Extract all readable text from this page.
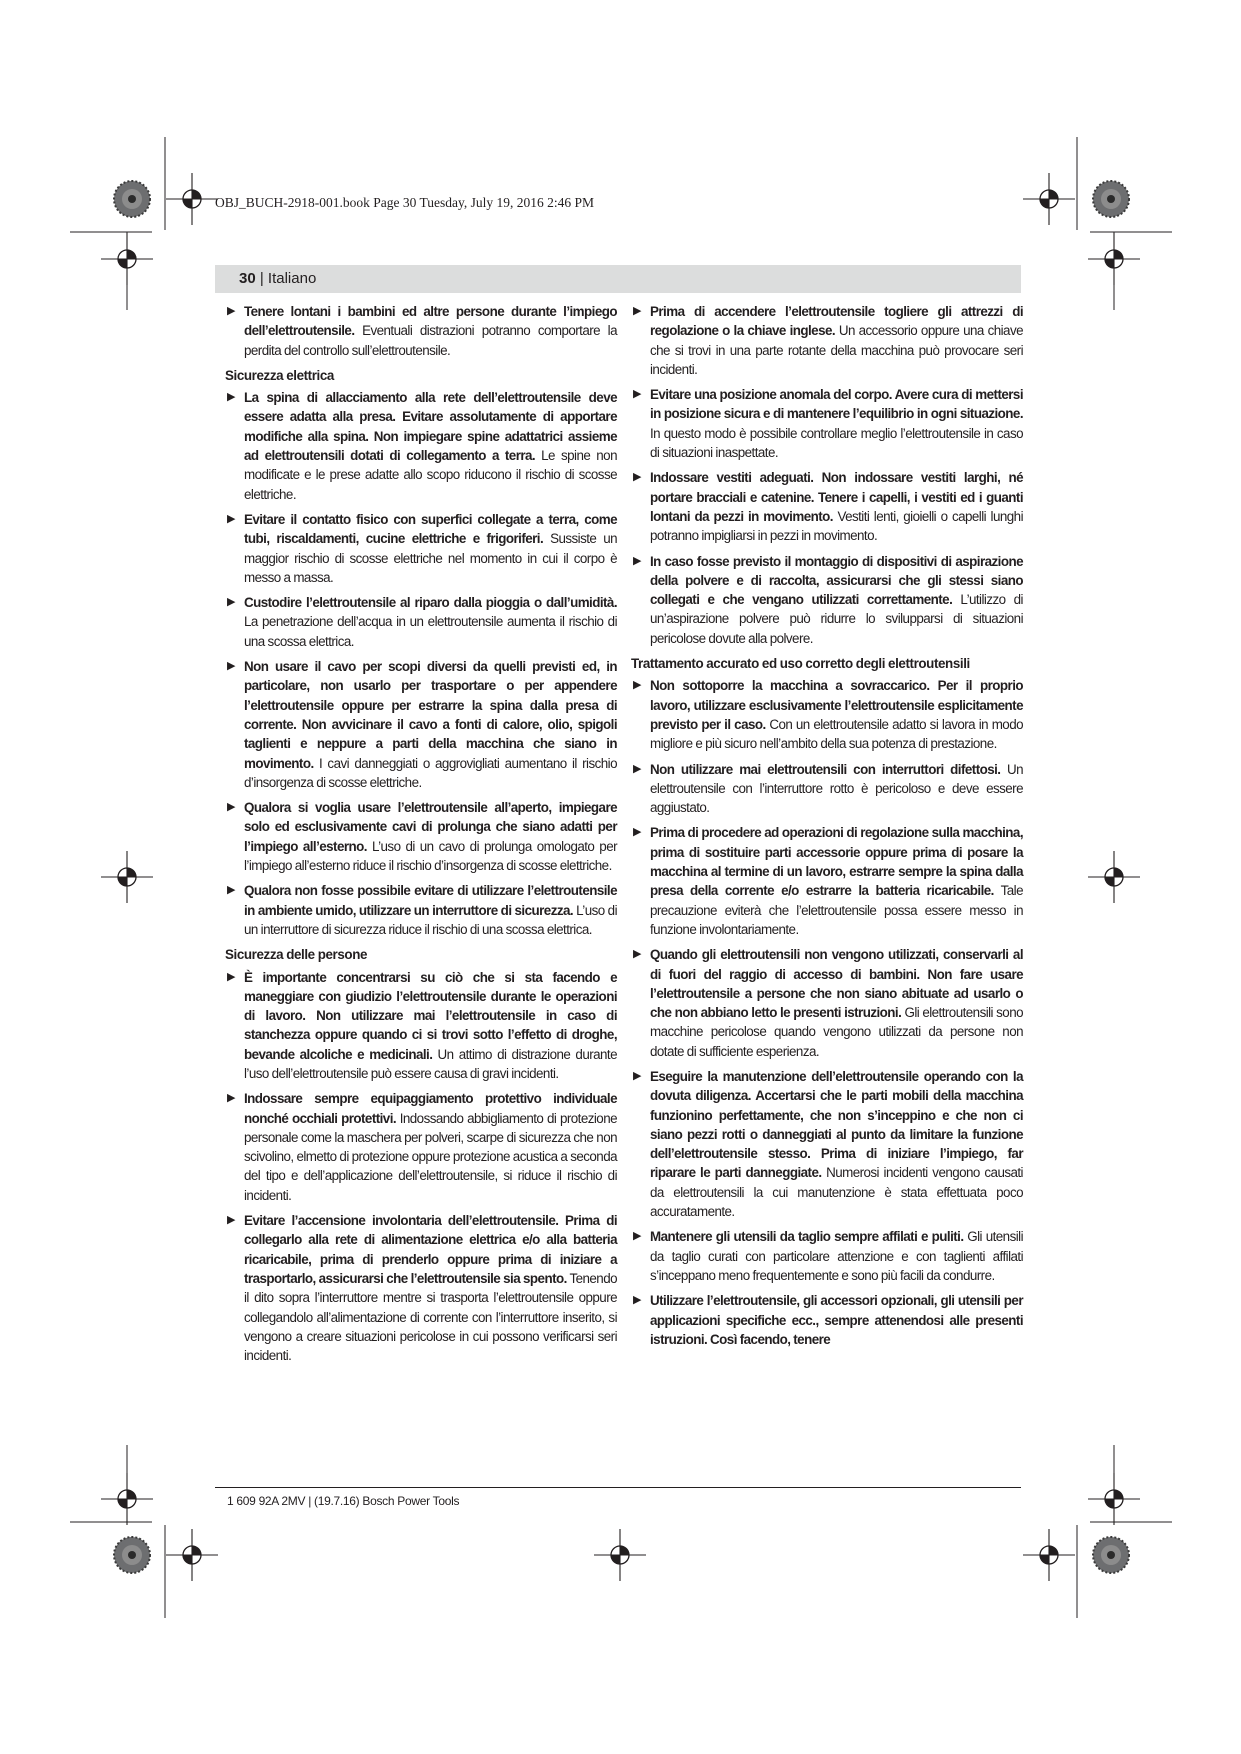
OBJ_BUCH-2918-001.book Page 30 Tuesday, July 19, 2016 2:46 PM
30 | Italiano
▶ Tenere lontani i bambini ed altre persone durante l’impiego dell’elettroutensile. Eventuali distrazioni potranno comportare la perdita del controllo sull’elettroutensile.
Sicurezza elettrica
▶ La spina di allacciamento alla rete dell’elettroutensile deve essere adatta alla presa. Evitare assolutamente di apportare modifiche alla spina. Non impiegare spine adattatrici assieme ad elettroutensili dotati di collegamento a terra. Le spine non modificate e le prese adatte allo scopo riducono il rischio di scosse elettriche.
▶ Evitare il contatto fisico con superfici collegate a terra, come tubi, riscaldamenti, cucine elettriche e frigoriferi. Sussiste un maggior rischio di scosse elettriche nel momento in cui il corpo è messo a massa.
▶ Custodire l’elettroutensile al riparo dalla pioggia o dall’umidità. La penetrazione dell’acqua in un elettroutensile aumenta il rischio di una scossa elettrica.
▶ Non usare il cavo per scopi diversi da quelli previsti ed, in particolare, non usarlo per trasportare o per appendere l’elettroutensile oppure per estrarre la spina dalla presa di corrente. Non avvicinare il cavo a fonti di calore, olio, spigoli taglienti e neppure a parti della macchina che siano in movimento. I cavi danneggiati o aggrovigliati aumentano il rischio d’insorgenza di scosse elettriche.
▶ Qualora si voglia usare l’elettroutensile all’aperto, impiegare solo ed esclusivamente cavi di prolunga che siano adatti per l’impiego all’esterno. L’uso di un cavo di prolunga omologato per l’impiego all’esterno riduce il rischio d’insorgenza di scosse elettriche.
▶ Qualora non fosse possibile evitare di utilizzare l’elettroutensile in ambiente umido, utilizzare un interruttore di sicurezza. L’uso di un interruttore di sicurezza riduce il rischio di una scossa elettrica.
Sicurezza delle persone
▶ È importante concentrarsi su ciò che si sta facendo e maneggiare con giudizio l’elettroutensile durante le operazioni di lavoro. Non utilizzare mai l’elettroutensile in caso di stanchezza oppure quando ci si trovi sotto l’effetto di droghe, bevande alcoliche e medicinali. Un attimo di distrazione durante l’uso dell’elettroutensile può essere causa di gravi incidenti.
▶ Indossare sempre equipaggiamento protettivo individuale nonché occhiali protettivi. Indossando abbigliamento di protezione personale come la maschera per polveri, scarpe di sicurezza che non scivolino, elmetto di protezione oppure protezione acustica a seconda del tipo e dell’applicazione dell’elettroutensile, si riduce il rischio di incidenti.
▶ Evitare l’accensione involontaria dell’elettroutensile. Prima di collegarlo alla rete di alimentazione elettrica e/o alla batteria ricaricabile, prima di prenderlo oppure prima di iniziare a trasportarlo, assicurarsi che l’elettroutensile sia spento. Tenendo il dito sopra l’interruttore mentre si trasporta l’elettroutensile oppure collegandolo all’alimentazione di corrente con l’interruttore inserito, si vengono a creare situazioni pericolose in cui possono verificarsi seri incidenti.
▶ Prima di accendere l’elettroutensile togliere gli attrezzi di regolazione o la chiave inglese. Un accessorio oppure una chiave che si trovi in una parte rotante della macchina può provocare seri incidenti.
▶ Evitare una posizione anomala del corpo. Avere cura di mettersi in posizione sicura e di mantenere l’equilibrio in ogni situazione. In questo modo è possibile controllare meglio l’elettroutensile in caso di situazioni inaspettate.
▶ Indossare vestiti adeguati. Non indossare vestiti larghi, né portare bracciali e catenine. Tenere i capelli, i vestiti ed i guanti lontani da pezzi in movimento. Vestiti lenti, gioielli o capelli lunghi potranno impigliarsi in pezzi in movimento.
▶ In caso fosse previsto il montaggio di dispositivi di aspirazione della polvere e di raccolta, assicurarsi che gli stessi siano collegati e che vengano utilizzati correttamente. L’utilizzo di un’aspirazione polvere può ridurre lo svilupparsi di situazioni pericolose dovute alla polvere.
Trattamento accurato ed uso corretto degli elettroutensili
▶ Non sottoporre la macchina a sovraccarico. Per il proprio lavoro, utilizzare esclusivamente l’elettroutensile esplicitamente previsto per il caso. Con un elettroutensile adatto si lavora in modo migliore e più sicuro nell’ambito della sua potenza di prestazione.
▶ Non utilizzare mai elettroutensili con interruttori difettosi. Un elettroutensile con l’interruttore rotto è pericoloso e deve essere aggiustato.
▶ Prima di procedere ad operazioni di regolazione sulla macchina, prima di sostituire parti accessorie oppure prima di posare la macchina al termine di un lavoro, estrarre sempre la spina dalla presa della corrente e/o estrarre la batteria ricaricabile. Tale precauzione eviterà che l’elettroutensile possa essere messo in funzione involontariamente.
▶ Quando gli elettroutensili non vengono utilizzati, conservarli al di fuori del raggio di accesso di bambini. Non fare usare l’elettroutensile a persone che non siano abituate ad usarlo o che non abbiano letto le presenti istruzioni. Gli elettroutensili sono macchine pericolose quando vengono utilizzati da persone non dotate di sufficiente esperienza.
▶ Eseguire la manutenzione dell’elettroutensile operando con la dovuta diligenza. Accertarsi che le parti mobili della macchina funzionino perfettamente, che non s’inceppino e che non ci siano pezzi rotti o danneggiati al punto da limitare la funzione dell’elettroutensile stesso. Prima di iniziare l’impiego, far riparare le parti danneggiate. Numerosi incidenti vengono causati da elettroutensili la cui manutenzione è stata effettuata poco accuratamente.
▶ Mantenere gli utensili da taglio sempre affilati e puliti. Gli utensili da taglio curati con particolare attenzione e con taglienti affilati s’inceppano meno frequentemente e sono più facili da condurre.
▶ Utilizzare l’elettroutensile, gli accessori opzionali, gli utensili per applicazioni specifiche ecc., sempre attenendosi alle presenti istruzioni. Così facendo, tenere
1 609 92A 2MV | (19.7.16) Bosch Power Tools
